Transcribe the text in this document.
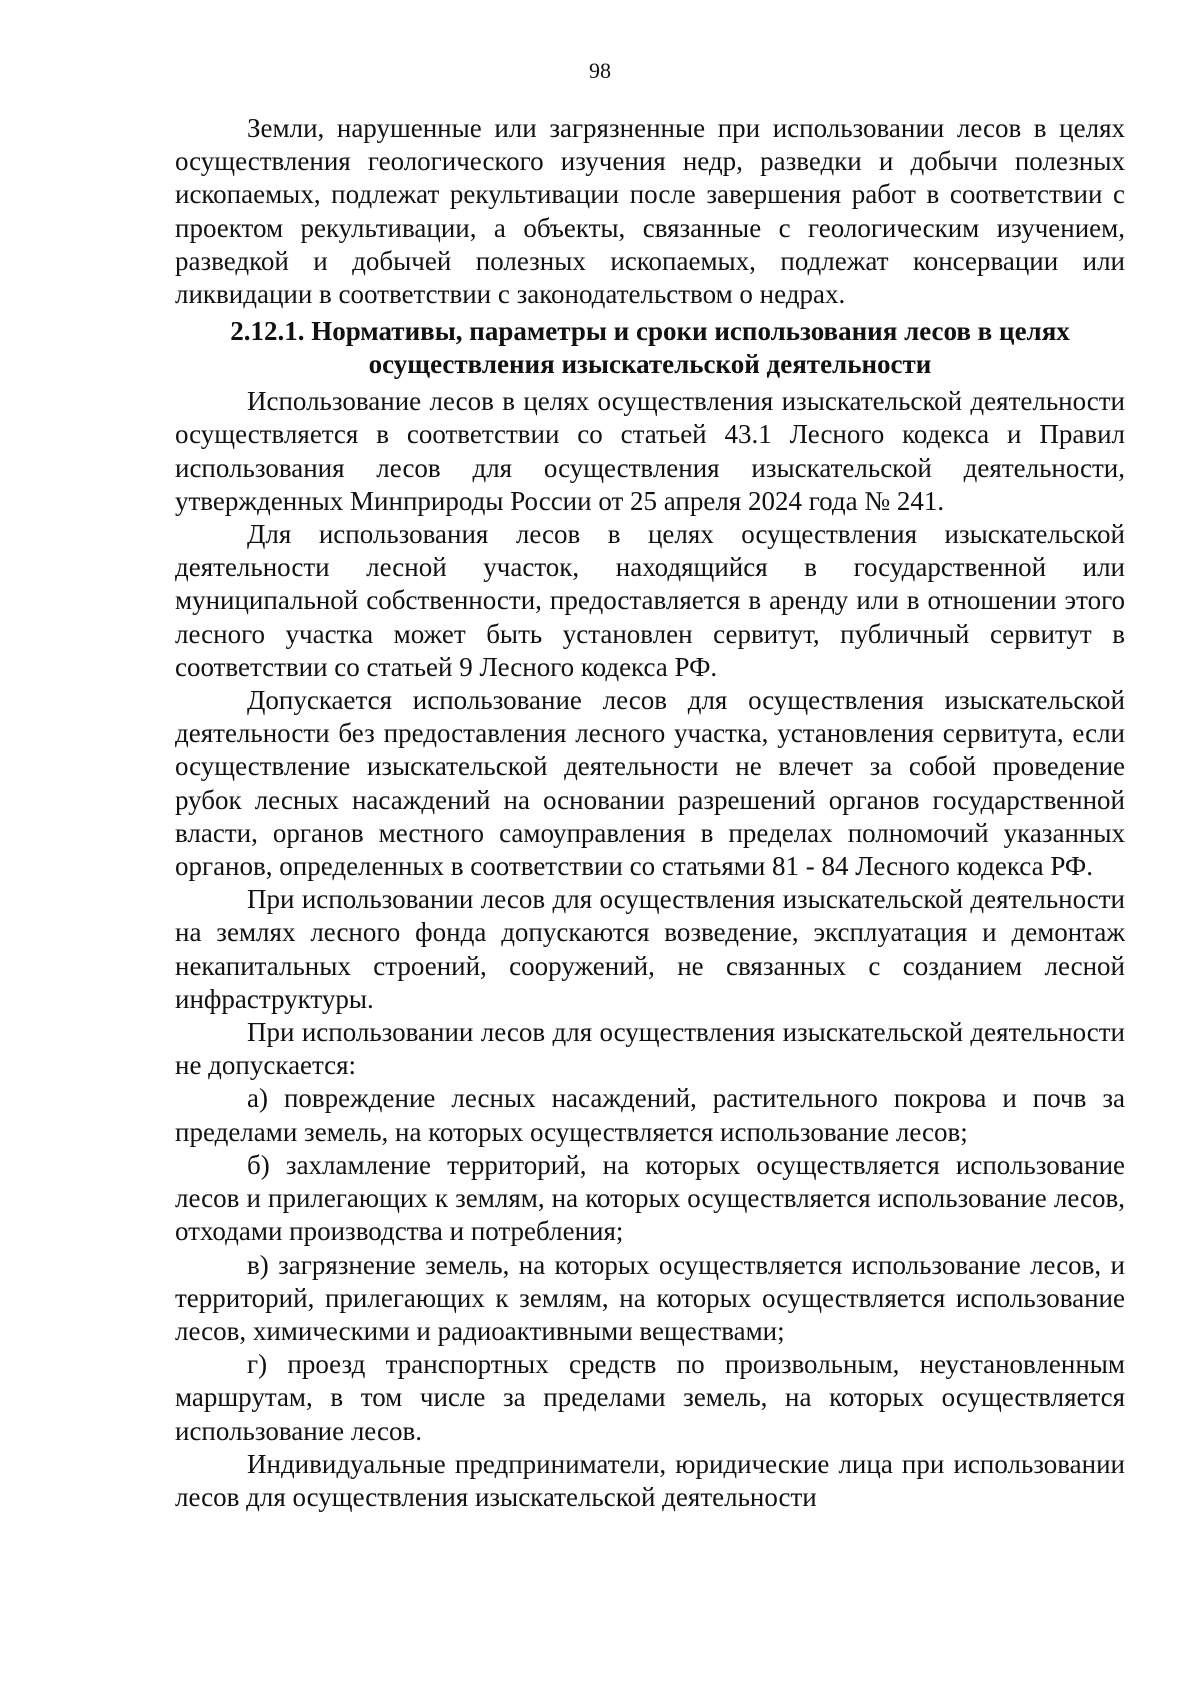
98

Земли, нарушенные или загрязненные при использовании лесов в целях осуществления геологического изучения недр, разведки и добычи полезных ископаемых, подлежат рекультивации после завершения работ в соответствии с проектом рекультивации, а объекты, связанные с геологическим изучением, разведкой и добычей полезных ископаемых, подлежат консервации или ликвидации в соответствии с законодательством о недрах.

2.12.1. Нормативы, параметры и сроки использования лесов в целях
осуществления изыскательской деятельности

Использование лесов в целях осуществления изыскательской деятельности осуществляется в соответствии со статьей 43.1 Лесного кодекса и Правил использования лесов для осуществления изыскательской деятельности, утвержденных Минприроды России от 25 апреля 2024 года № 241.

Для использования лесов в целях осуществления изыскательской деятельности лесной участок, находящийся в государственной или муниципальной собственности, предоставляется в аренду или в отношении этого лесного участка может быть установлен сервитут, публичный сервитут в соответствии со статьей 9 Лесного кодекса РФ.

Допускается использование лесов для осуществления изыскательской деятельности без предоставления лесного участка, установления сервитута, если осуществление изыскательской деятельности не влечет за собой проведение рубок лесных насаждений на основании разрешений органов государственной власти, органов местного самоуправления в пределах полномочий указанных органов, определенных в соответствии со статьями 81 - 84 Лесного кодекса РФ.

При использовании лесов для осуществления изыскательской деятельности на землях лесного фонда допускаются возведение, эксплуатация и демонтаж некапитальных строений, сооружений, не связанных с созданием лесной инфраструктуры.

При использовании лесов для осуществления изыскательской деятельности не допускается:

а) повреждение лесных насаждений, растительного покрова и почв за пределами земель, на которых осуществляется использование лесов;

б) захламление территорий, на которых осуществляется использование лесов и прилегающих к землям, на которых осуществляется использование лесов, отходами производства и потребления;

в) загрязнение земель, на которых осуществляется использование лесов, и территорий, прилегающих к землям, на которых осуществляется использование лесов, химическими и радиоактивными веществами;

г) проезд транспортных средств по произвольным, неустановленным маршрутам, в том числе за пределами земель, на которых осуществляется использование лесов.

Индивидуальные предприниматели, юридические лица при использовании лесов для осуществления изыскательской деятельности
